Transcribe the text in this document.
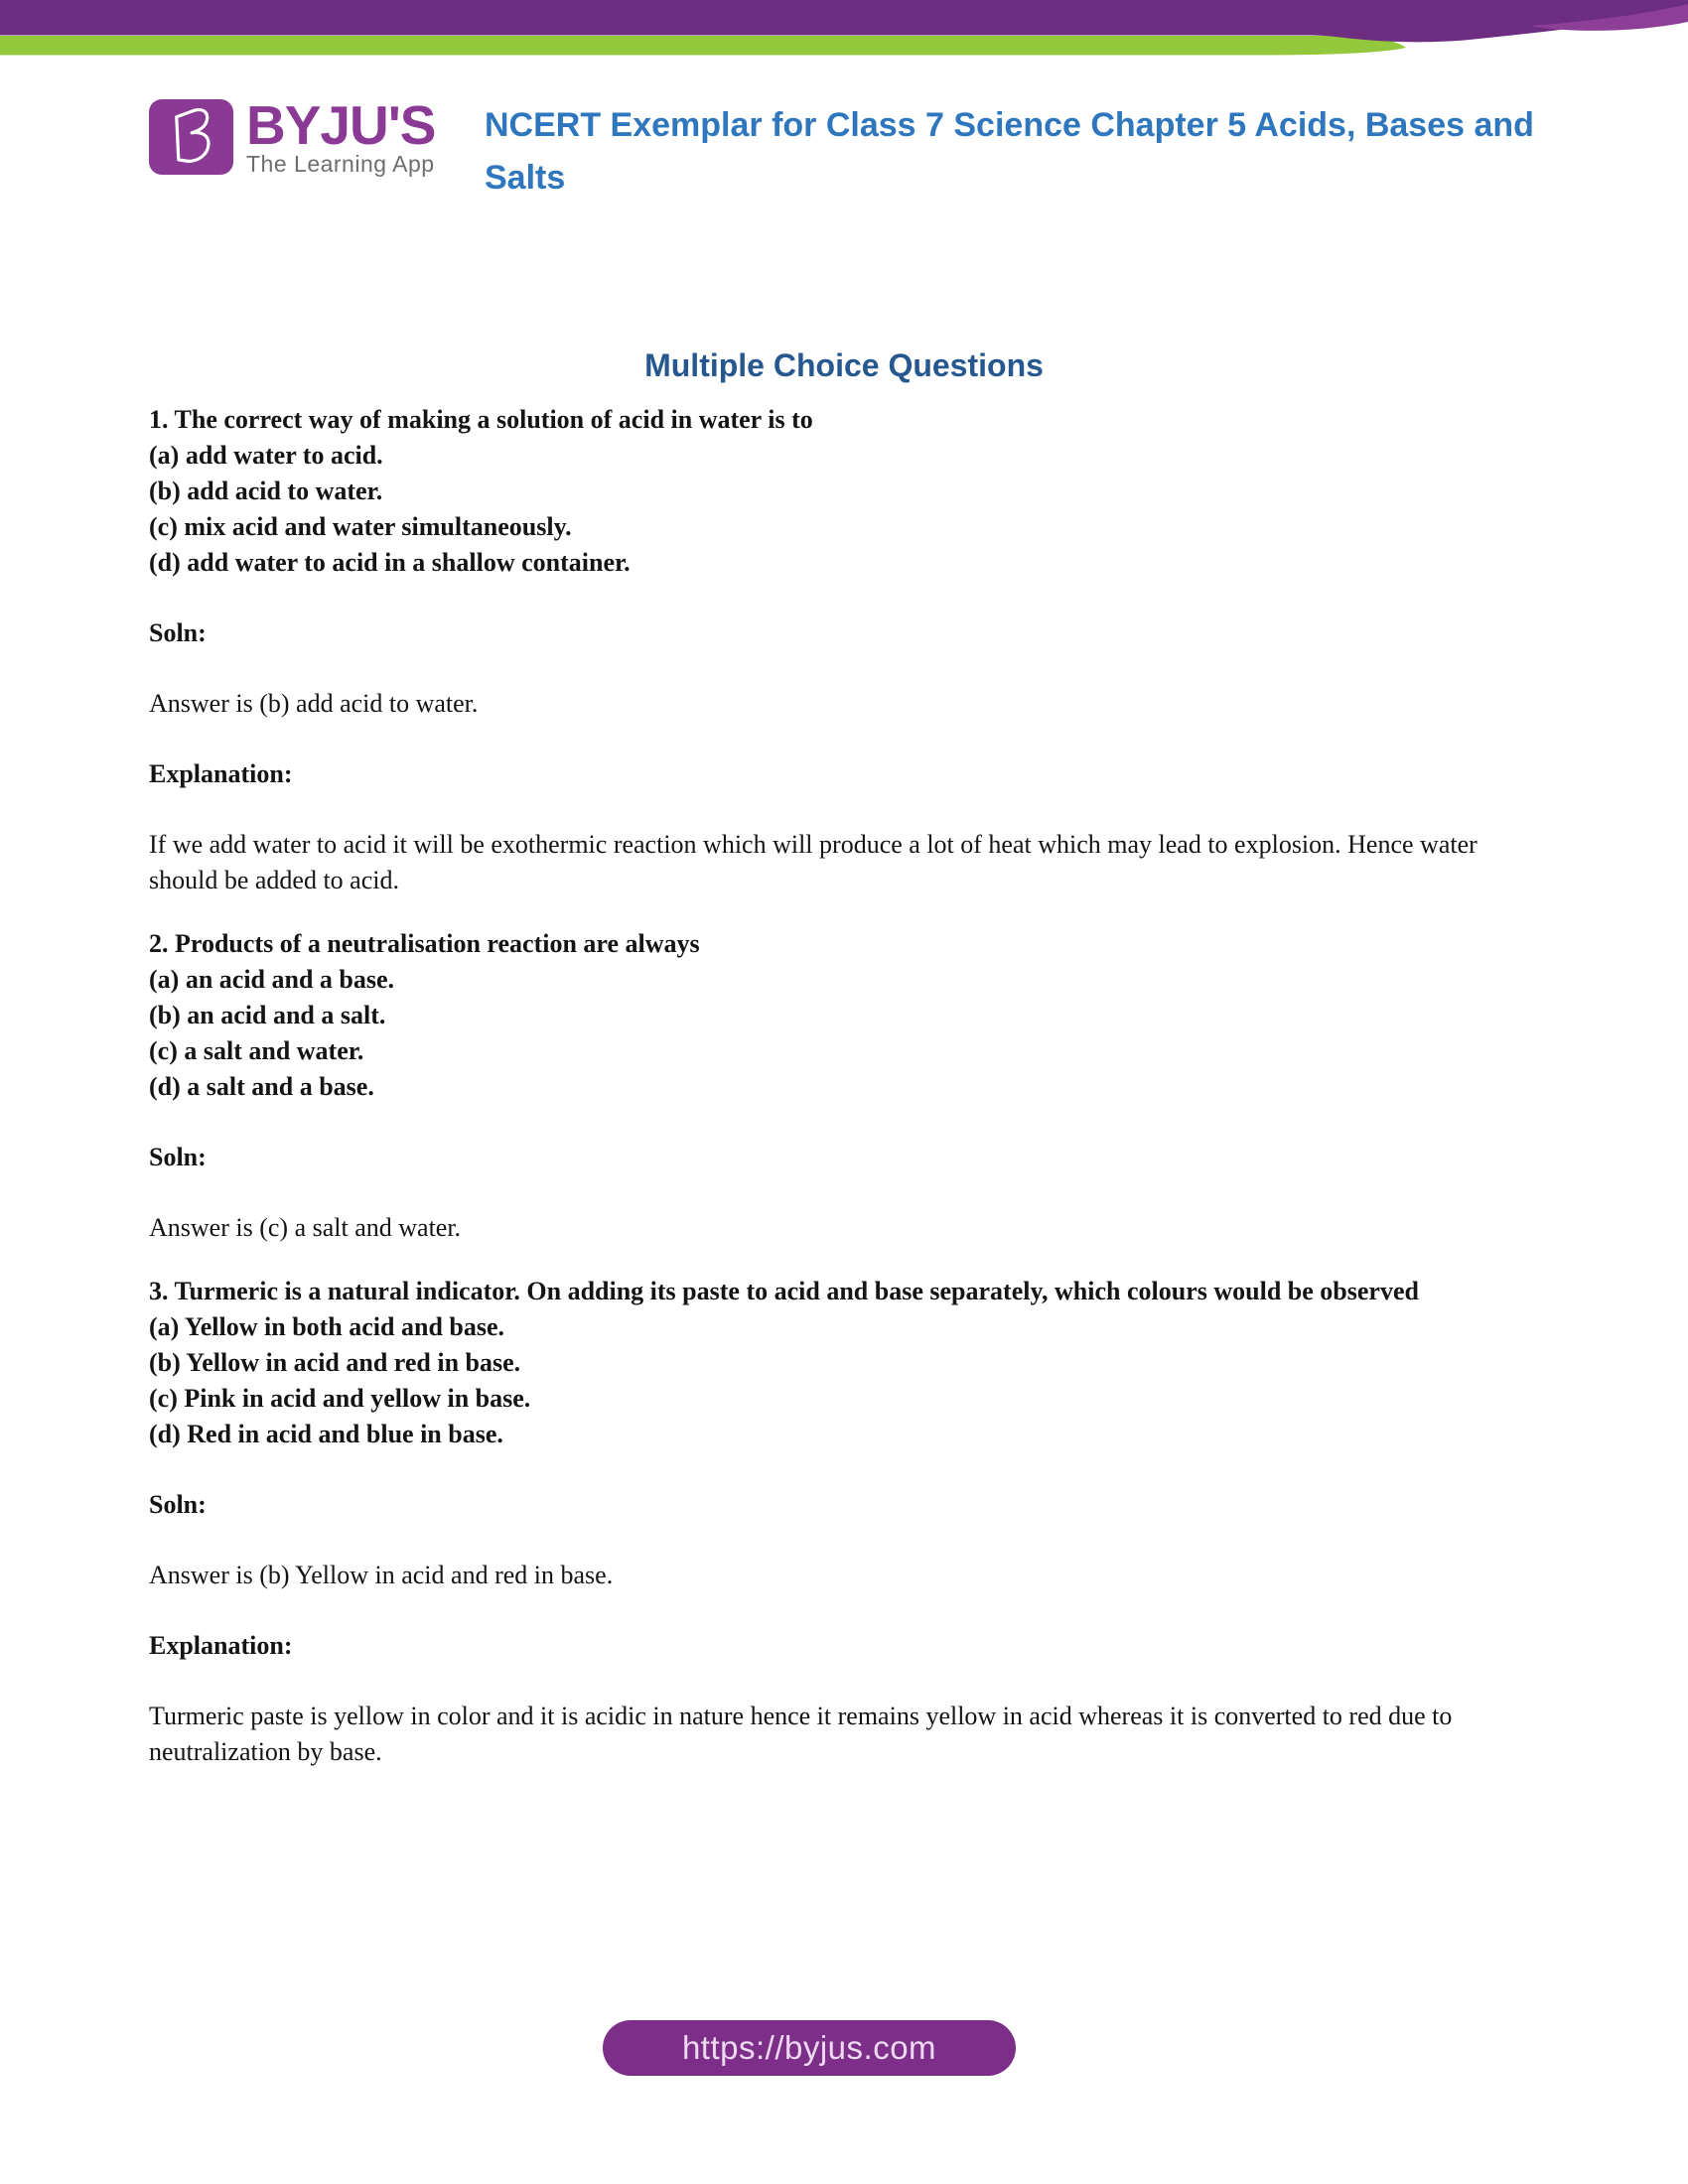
BYJU'S
The Learning App
NCERT Exemplar for Class 7 Science Chapter 5 Acids, Bases and Salts

Multiple Choice Questions

1. The correct way of making a solution of acid in water is to

(a) add water to acid.

(b) add acid to water.

(c) mix acid and water simultaneously.

(d) add water to acid in a shallow container.

Soln:

Answer is (b) add acid to water.

Explanation:

If we add water to acid it will be exothermic reaction which will produce a lot of heat which may lead to explosion. Hence water should be added to acid.

2. Products of a neutralisation reaction are always

(a) an acid and a base.

(b) an acid and a salt.

(c) a salt and water.

(d) a salt and a base.

Soln:

Answer is (c) a salt and water.

3. Turmeric is a natural indicator. On adding its paste to acid and base separately, which colours would be observed

(a) Yellow in both acid and base.

(b) Yellow in acid and red in base.

(c) Pink in acid and yellow in base.

(d) Red in acid and blue in base.

Soln:

Answer is (b) Yellow in acid and red in base.

Explanation:

Turmeric paste is yellow in color and it is acidic in nature hence it remains yellow in acid whereas it is converted to red due to neutralization by base.

https://byjus.com
